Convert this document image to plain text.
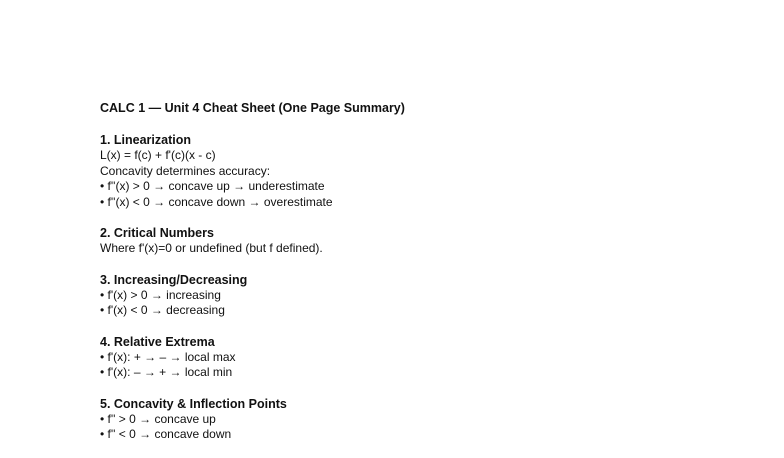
CALC 1 — Unit 4 Cheat Sheet (One Page Summary)
1. Linearization
L(x) = f(c) + f'(c)(x - c)
Concavity determines accuracy:
• f''(x) > 0 → concave up → underestimate
• f''(x) < 0 → concave down → overestimate
2. Critical Numbers
Where f'(x)=0 or undefined (but f defined).
3. Increasing/Decreasing
• f'(x) > 0 → increasing
• f'(x) < 0 → decreasing
4. Relative Extrema
• f'(x): + → – → local max
• f'(x): – → + → local min
5. Concavity & Inflection Points
• f'' > 0 → concave up
• f'' < 0 → concave down
